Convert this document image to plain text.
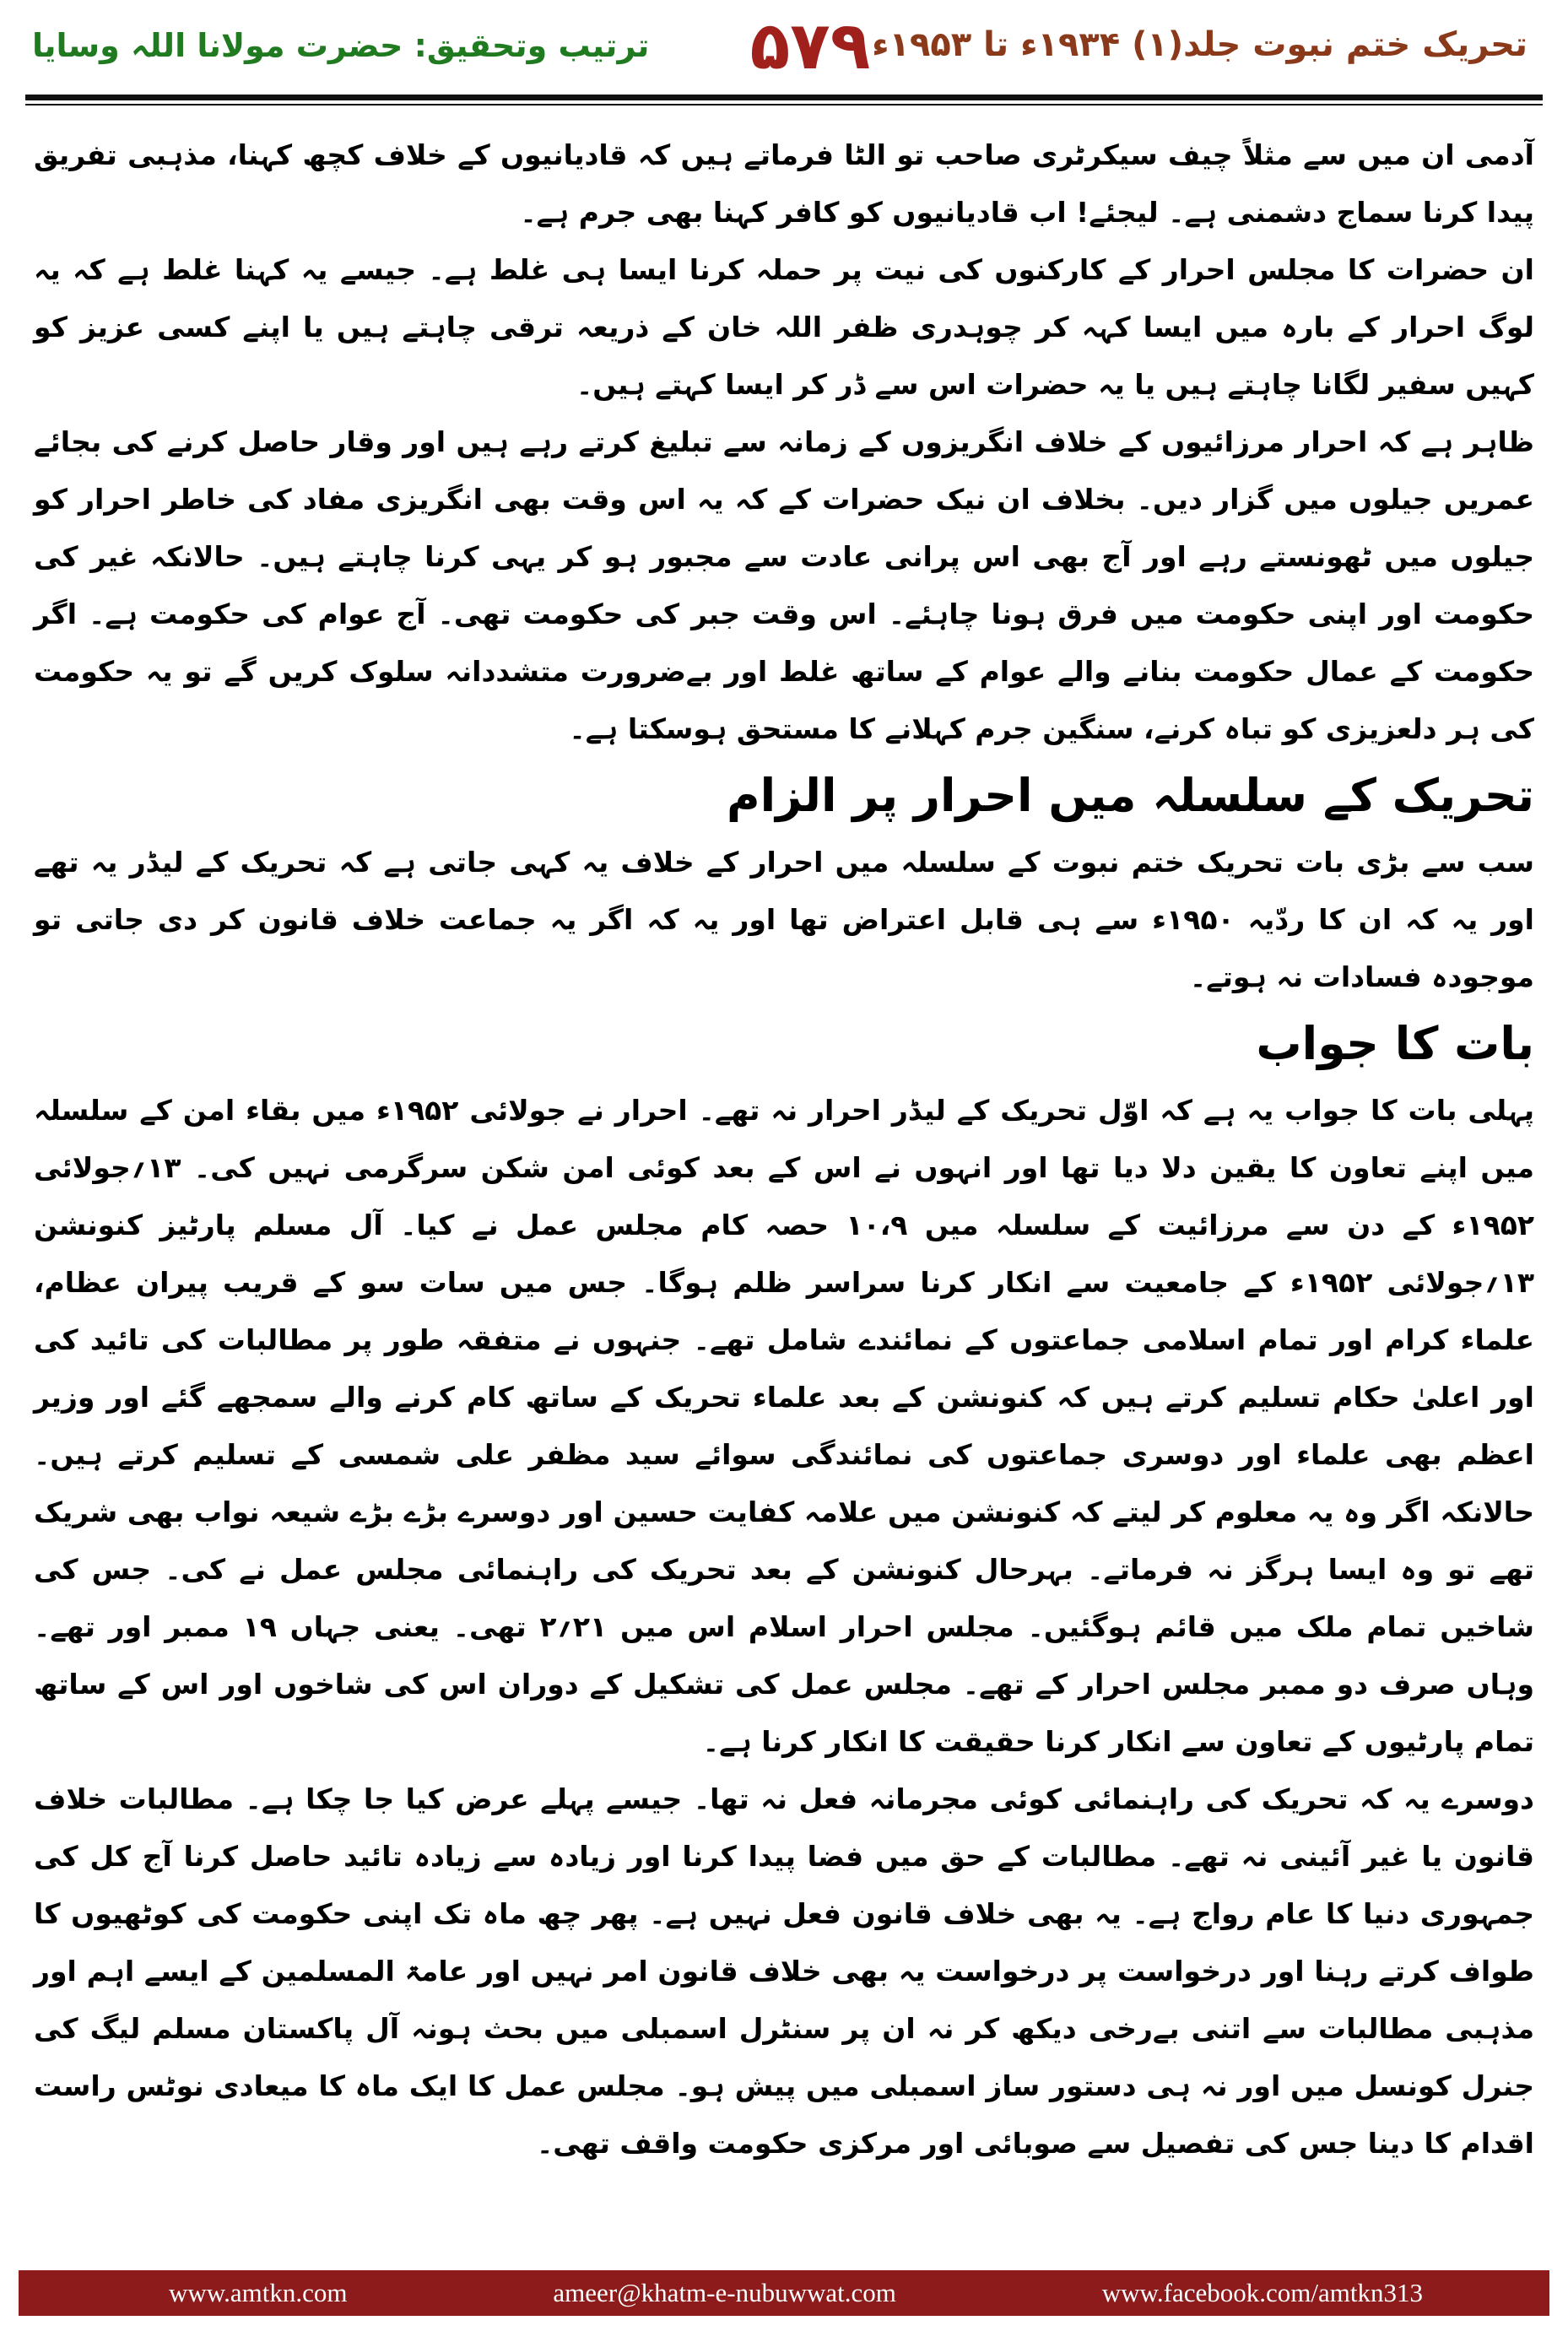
تحریک ختم نبوت جلد(۱) ۱۹۳۴ء تا ۱۹۵۳ء
۵۷۹
ترتیب وتحقیق: حضرت مولانا اللہ وسایا

آدمی ان میں سے مثلاً چیف سیکرٹری صاحب تو الٹا فرماتے ہیں کہ قادیانیوں کے خلاف کچھ کہنا، مذہبی تفریق پیدا کرنا سماج دشمنی ہے۔ لیجئے! اب قادیانیوں کو کافر کہنا بھی جرم ہے۔

ان حضرات کا مجلس احرار کے کارکنوں کی نیت پر حملہ کرنا ایسا ہی غلط ہے۔ جیسے یہ کہنا غلط ہے کہ یہ لوگ احرار کے بارہ میں ایسا کہہ کر چوہدری ظفر اللہ خان کے ذریعہ ترقی چاہتے ہیں یا اپنے کسی عزیز کو کہیں سفیر لگانا چاہتے ہیں یا یہ حضرات اس سے ڈر کر ایسا کہتے ہیں۔

ظاہر ہے کہ احرار مرزائیوں کے خلاف انگریزوں کے زمانہ سے تبلیغ کرتے رہے ہیں اور وقار حاصل کرنے کی بجائے عمریں جیلوں میں گزار دیں۔ بخلاف ان نیک حضرات کے کہ یہ اس وقت بھی انگریزی مفاد کی خاطر احرار کو جیلوں میں ٹھونستے رہے اور آج بھی اس پرانی عادت سے مجبور ہو کر یہی کرنا چاہتے ہیں۔ حالانکہ غیر کی حکومت اور اپنی حکومت میں فرق ہونا چاہئے۔ اس وقت جبر کی حکومت تھی۔ آج عوام کی حکومت ہے۔ اگر حکومت کے عمال حکومت بنانے والے عوام کے ساتھ غلط اور بےضرورت متشددانہ سلوک کریں گے تو یہ حکومت کی ہر دلعزیزی کو تباہ کرنے، سنگین جرم کہلانے کا مستحق ہوسکتا ہے۔

تحریک کے سلسلہ میں احرار پر الزام

سب سے بڑی بات تحریک ختم نبوت کے سلسلہ میں احرار کے خلاف یہ کہی جاتی ہے کہ تحریک کے لیڈر یہ تھے اور یہ کہ ان کا ردّیہ ۱۹۵۰ء سے ہی قابل اعتراض تھا اور یہ کہ اگر یہ جماعت خلاف قانون کر دی جاتی تو موجودہ فسادات نہ ہوتے۔

بات کا جواب

پہلی بات کا جواب یہ ہے کہ اوّل تحریک کے لیڈر احرار نہ تھے۔ احرار نے جولائی ۱۹۵۲ء میں بقاء امن کے سلسلہ میں اپنے تعاون کا یقین دلا دیا تھا اور انہوں نے اس کے بعد کوئی امن شکن سرگرمی نہیں کی۔ ۱۳؍جولائی ۱۹۵۲ء کے دن سے مرزائیت کے سلسلہ میں ۱۰،۹ حصہ کام مجلس عمل نے کیا۔ آل مسلم پارٹیز کنونشن ۱۳؍جولائی ۱۹۵۲ء کے جامعیت سے انکار کرنا سراسر ظلم ہوگا۔ جس میں سات سو کے قریب پیران عظام، علماء کرام اور تمام اسلامی جماعتوں کے نمائندے شامل تھے۔ جنہوں نے متفقہ طور پر مطالبات کی تائید کی اور اعلیٰ حکام تسلیم کرتے ہیں کہ کنونشن کے بعد علماء تحریک کے ساتھ کام کرنے والے سمجھے گئے اور وزیر اعظم بھی علماء اور دوسری جماعتوں کی نمائندگی سوائے سید مظفر علی شمسی کے تسلیم کرتے ہیں۔ حالانکہ اگر وہ یہ معلوم کر لیتے کہ کنونشن میں علامہ کفایت حسین اور دوسرے بڑے بڑے شیعہ نواب بھی شریک تھے تو وہ ایسا ہرگز نہ فرماتے۔ بہرحال کنونشن کے بعد تحریک کی راہنمائی مجلس عمل نے کی۔ جس کی شاخیں تمام ملک میں قائم ہوگئیں۔ مجلس احرار اسلام اس میں ۲۱؍۲ تھی۔ یعنی جہاں ۱۹ ممبر اور تھے۔ وہاں صرف دو ممبر مجلس احرار کے تھے۔ مجلس عمل کی تشکیل کے دوران اس کی شاخوں اور اس کے ساتھ تمام پارٹیوں کے تعاون سے انکار کرنا حقیقت کا انکار کرنا ہے۔

دوسرے یہ کہ تحریک کی راہنمائی کوئی مجرمانہ فعل نہ تھا۔ جیسے پہلے عرض کیا جا چکا ہے۔ مطالبات خلاف قانون یا غیر آئینی نہ تھے۔ مطالبات کے حق میں فضا پیدا کرنا اور زیادہ سے زیادہ تائید حاصل کرنا آج کل کی جمہوری دنیا کا عام رواج ہے۔ یہ بھی خلاف قانون فعل نہیں ہے۔ پھر چھ ماہ تک اپنی حکومت کی کوٹھیوں کا طواف کرتے رہنا اور درخواست پر درخواست یہ بھی خلاف قانون امر نہیں اور عامۃ المسلمین کے ایسے اہم اور مذہبی مطالبات سے اتنی بےرخی دیکھ کر نہ ان پر سنٹرل اسمبلی میں بحث ہونہ آل پاکستان مسلم لیگ کی جنرل کونسل میں اور نہ ہی دستور ساز اسمبلی میں پیش ہو۔ مجلس عمل کا ایک ماہ کا میعادی نوٹس راست اقدام کا دینا جس کی تفصیل سے صوبائی اور مرکزی حکومت واقف تھی۔

www.amtkn.com	ameer@khatm-e-nubuwwat.com	www.facebook.com/amtkn313
